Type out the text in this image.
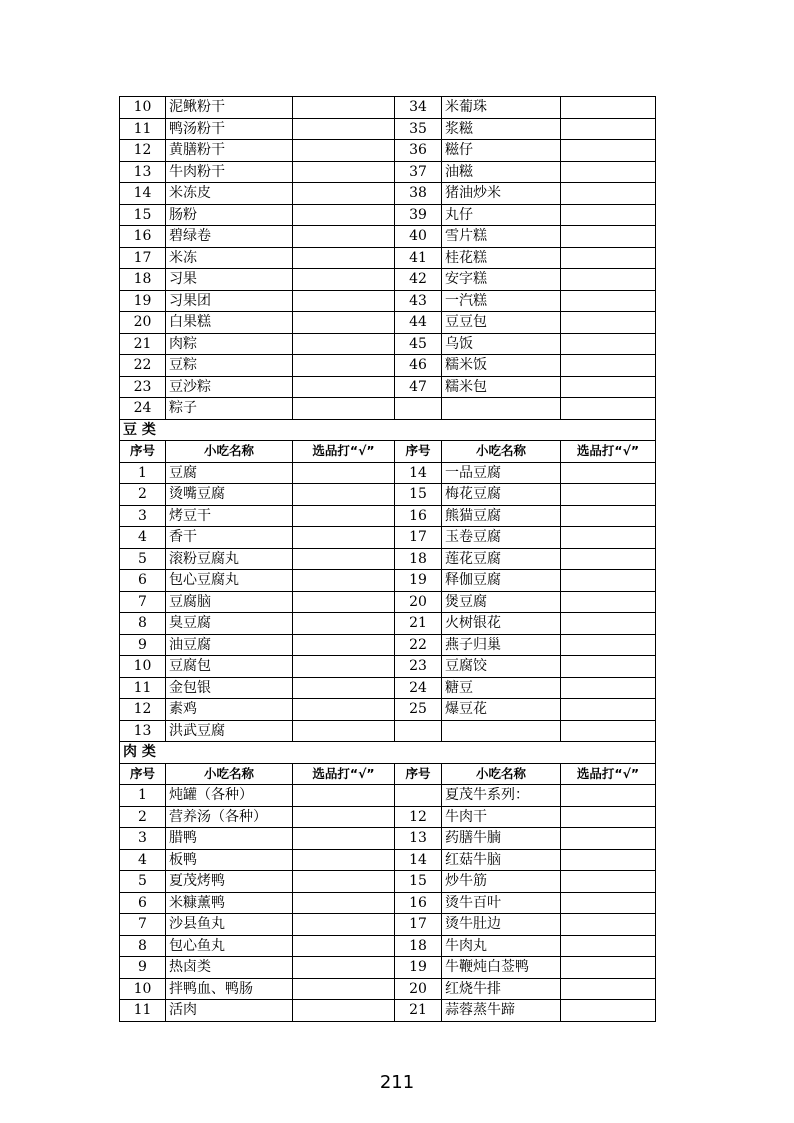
10	泥鳅粉干		34	米葡珠	
11	鸭汤粉干		35	浆糍	
12	黄膳粉干		36	糍仔	
13	牛肉粉干		37	油糍	
14	米冻皮		38	猪油炒米	
15	肠粉		39	丸仔	
16	碧绿卷		40	雪片糕	
17	米冻		41	桂花糕	
18	习果		42	安字糕	
19	习果团		43	一汽糕	
20	白果糕		44	豆豆包	
21	肉粽		45	乌饭	
22	豆粽		46	糯米饭	
23	豆沙粽		47	糯米包	
24	粽子				
豆 类					
序号	小吃名称	选品打“√”	序号	小吃名称	选品打“√”
1	豆腐		14	一品豆腐	
2	烫嘴豆腐		15	梅花豆腐	
3	烤豆干		16	熊猫豆腐	
4	香干		17	玉卷豆腐	
5	滚粉豆腐丸		18	莲花豆腐	
6	包心豆腐丸		19	释伽豆腐	
7	豆腐脑		20	煲豆腐	
8	臭豆腐		21	火树银花	
9	油豆腐		22	燕子归巢	
10	豆腐包		23	豆腐饺	
11	金包银		24	糖豆	
12	素鸡		25	爆豆花	
13	洪武豆腐				
肉 类					
序号	小吃名称	选品打“√”	序号	小吃名称	选品打“√”
1	炖罐（各种）			夏茂牛系列：	
2	营养汤（各种）		12	牛肉干	
3	腊鸭		13	药膳牛腩	
4	板鸭		14	红菇牛脑	
5	夏茂烤鸭		15	炒牛筋	
6	米糠薰鸭		16	烫牛百叶	
7	沙县鱼丸		17	烫牛肚边	
8	包心鱼丸		18	牛肉丸	
9	热卤类		19	牛鞭炖白莶鸭	
10	拌鸭血、鸭肠		20	红烧牛排	
11	活肉		21	蒜蓉蒸牛蹄	
211
